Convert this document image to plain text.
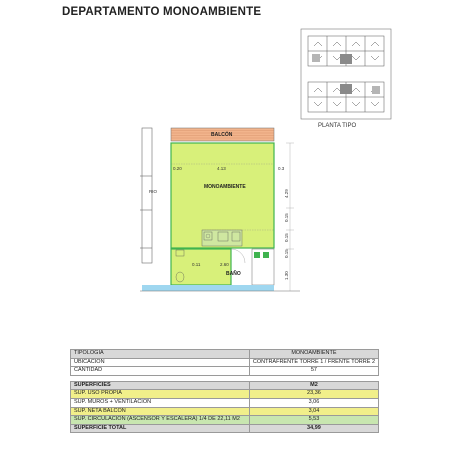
DEPARTAMENTO MONOAMBIENTE
PLANTA TIPO
RIO
BALCÓN
0.20	4.13
MONOAMBIENTE
0.11	2.60
BAÑO
0.3
4.29
0.15
0.15
0.15
1.30
TIPOLOGIA	MONOAMBIENTE
UBICACIÓN	CONTRAFRENTE TORRE 1 / FRENTE TORRE 2
CANTIDAD	57

SUPERFICIES	M2
SUP. USO PROPIA	23,36
SUP. MUROS + VENTILACION	3,06
SUP. NETA BALCON	3,04
SUP. CIRCULACION (ASCENSOR Y ESCALERA) 1/4 DE 22,11 M2	5,53
SUPERFICIE TOTAL	34,99
